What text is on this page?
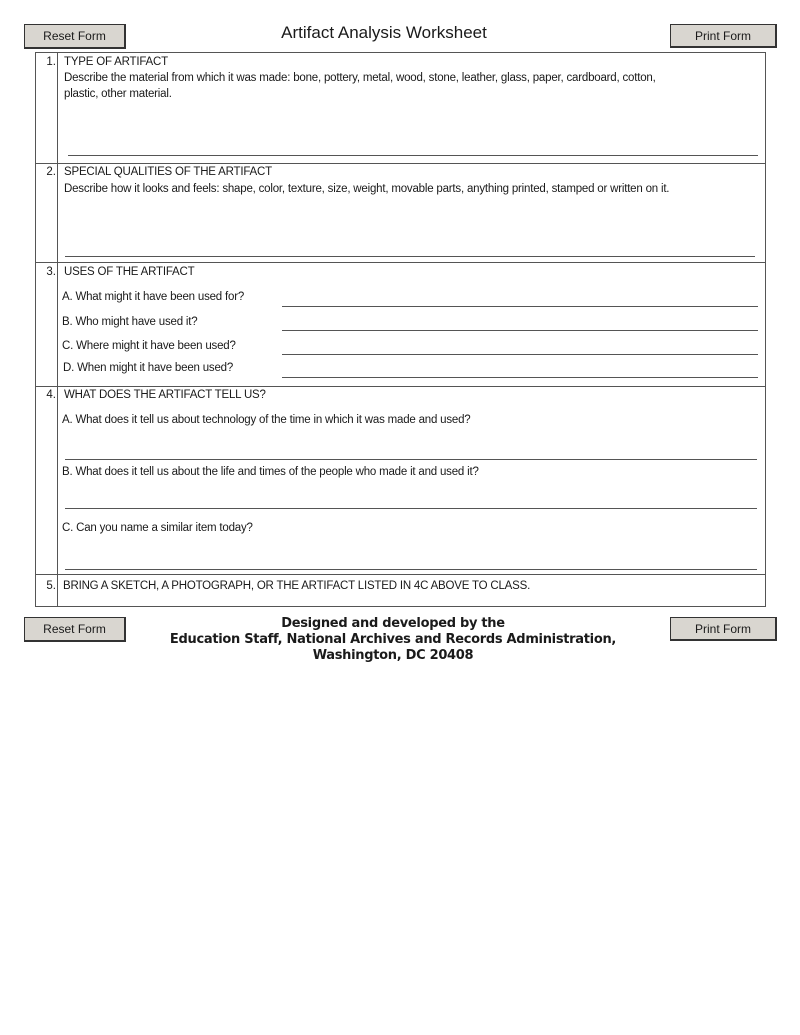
Reset Form	Artifact Analysis Worksheet	Print Form
1. TYPE OF ARTIFACT
Describe the material from which it was made: bone, pottery, metal, wood, stone, leather, glass, paper, cardboard, cotton,
plastic, other material.
2. SPECIAL QUALITIES OF THE ARTIFACT
Describe how it looks and feels: shape, color, texture, size, weight, movable parts, anything printed, stamped or written on it.
3. USES OF THE ARTIFACT
A. What might it have been used for?
B. Who might have used it?
C. Where might it have been used?
D. When might it have been used?
4. WHAT DOES THE ARTIFACT TELL US?
A. What does it tell us about technology of the time in which it was made and used?
B. What does it tell us about the life and times of the people who made it and used it?
C. Can you name a similar item today?
5. BRING A SKETCH, A PHOTOGRAPH, OR THE ARTIFACT LISTED IN 4C ABOVE TO CLASS.
Reset Form	Print Form
Designed and developed by the
Education Staff, National Archives and Records Administration,
Washington, DC 20408
